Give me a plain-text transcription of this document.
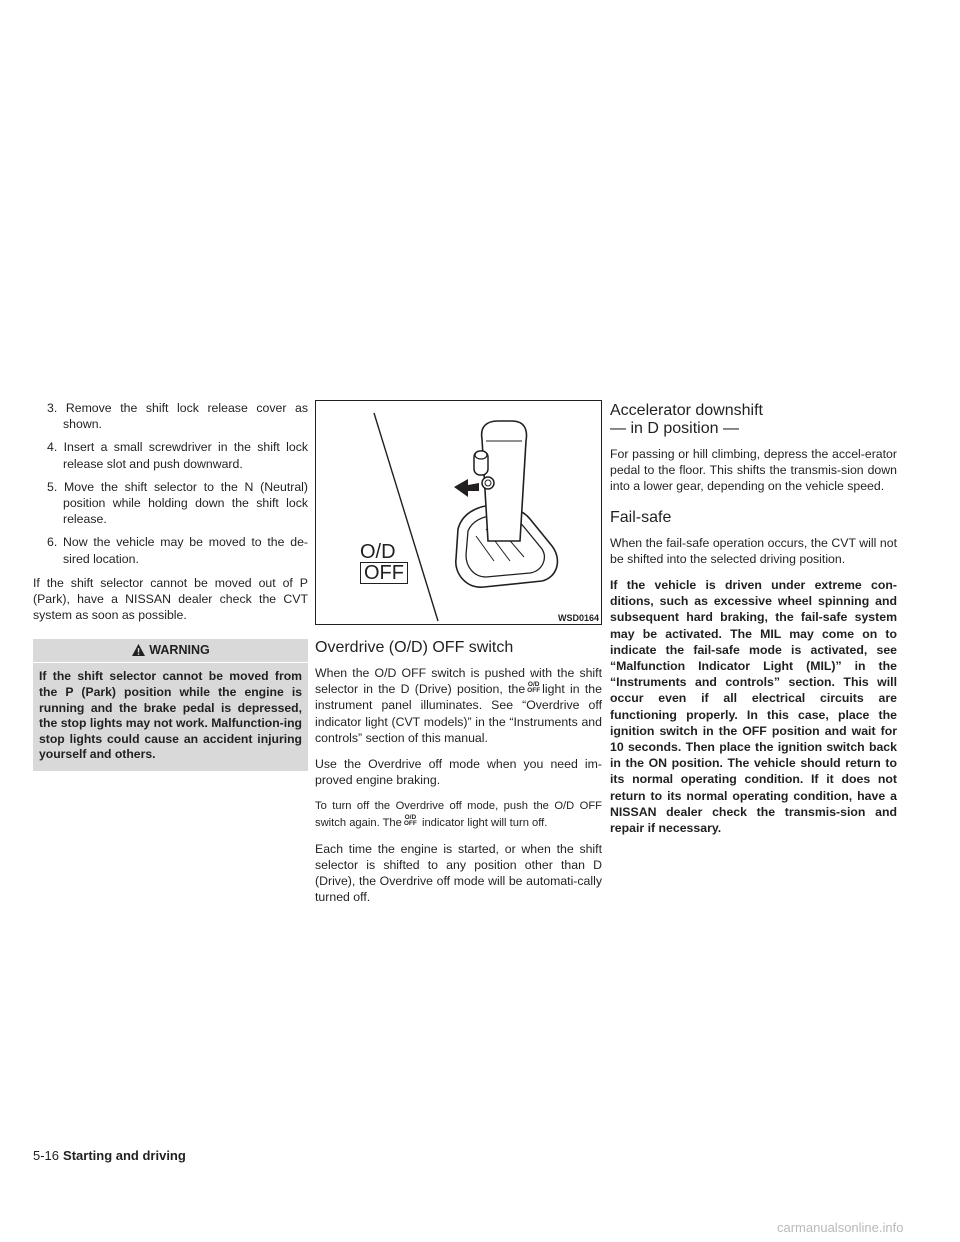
3. Remove the shift lock release cover as shown.
4. Insert a small screwdriver in the shift lock release slot and push downward.
5. Move the shift selector to the N (Neutral) position while holding down the shift lock release.
6. Now the vehicle may be moved to the de-sired location.

If the shift selector cannot be moved out of P (Park), have a NISSAN dealer check the CVT system as soon as possible.

WARNING
If the shift selector cannot be moved from the P (Park) position while the engine is running and the brake pedal is depressed, the stop lights may not work. Malfunction-ing stop lights could cause an accident injuring yourself and others.
O/D
OFF
WSD0164
Overdrive (O/D) OFF switch

When the O/D OFF switch is pushed with the shift selector in the D (Drive) position, the O/D
OFF light in the instrument panel illuminates. See “Overdrive off indicator light (CVT models)” in the “Instruments and controls” section of this manual.

Use the Overdrive off mode when you need im-proved engine braking.

To turn off the Overdrive off mode, push the O/D OFF switch again. The O/D
OFF indicator light will turn off.

Each time the engine is started, or when the shift selector is shifted to any position other than D (Drive), the Overdrive off mode will be automati-cally turned off.

Accelerator downshift
— in D position —

For passing or hill climbing, depress the accel-erator pedal to the floor. This shifts the transmis-sion down into a lower gear, depending on the vehicle speed.

Fail-safe

When the fail-safe operation occurs, the CVT will not be shifted into the selected driving position.

If the vehicle is driven under extreme con-ditions, such as excessive wheel spinning and subsequent hard braking, the fail-safe system may be activated. The MIL may come on to indicate the fail-safe mode is activated, see “Malfunction Indicator Light (MIL)” in the “Instruments and controls” section. This will occur even if all electrical circuits are functioning properly. In this case, place the ignition switch in the OFF position and wait for 10 seconds. Then place the ignition switch back in the ON position. The vehicle should return to its normal operating condition. If it does not return to its normal operating condition, have a NISSAN dealer check the transmis-sion and repair if necessary.

5-16 Starting and driving
carmanualsonline.info
